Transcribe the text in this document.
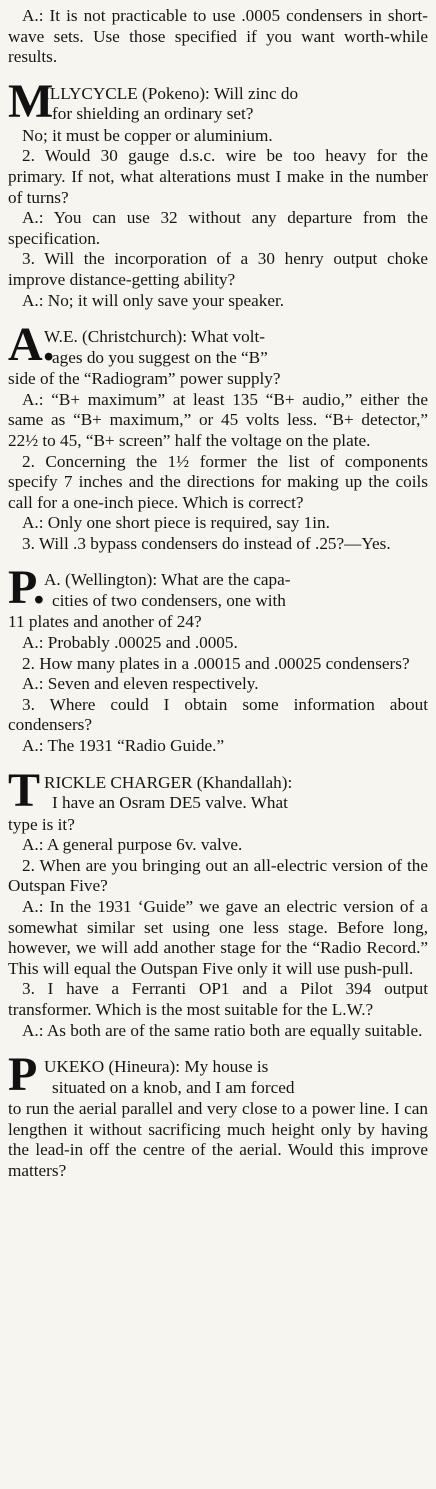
A.: It is not practicable to use .0005 condensers in short-wave sets. Use those specified if you want worth-while results.

M
ILLYCYCLE (Pokeno): Will zinc do
for shielding an ordinary set?

No; it must be copper or aluminium.

2. Would 30 gauge d.s.c. wire be too heavy for the primary. If not, what alterations must I make in the number of turns?

A.: You can use 32 without any departure from the specification.

3. Will the incorporation of a 30 henry output choke improve distance-getting ability?

A.: No; it will only save your speaker.

A.
W.E. (Christchurch): What volt-
ages do you suggest on the “B”

side of the “Radiogram” power supply?

A.: “B+ maximum” at least 135 “B+ audio,” either the same as “B+ maximum,” or 45 volts less. “B+ detector,” 22½ to 45, “B+ screen” half the voltage on the plate.

2. Concerning the 1½ former the list of components specify 7 inches and the directions for making up the coils call for a one-inch piece. Which is correct?

A.: Only one short piece is required, say 1in.

3. Will .3 bypass condensers do instead of .25?—Yes.

P. A. (Wellington): What are the capa-
cities of two condensers, one with

11 plates and another of 24?

A.: Probably .00025 and .0005.

2. How many plates in a .00015 and .00025 condensers?

A.: Seven and eleven respectively.

3. Where could I obtain some information about condensers?

A.: The 1931 “Radio Guide.”

T RICKLE CHARGER (Khandallah):
I have an Osram DE5 valve. What

type is it?

A.: A general purpose 6v. valve.

2. When are you bringing out an all-electric version of the Outspan Five?

A.: In the 1931 ‘Guide” we gave an electric version of a somewhat similar set using one less stage. Before long, however, we will add another stage for the “Radio Record.” This will equal the Outspan Five only it will use push-pull.

3. I have a Ferranti OP1 and a Pilot 394 output transformer. Which is the most suitable for the L.W.?

A.: As both are of the same ratio both are equally suitable.

P UKEKO (Hineura): My house is
situated on a knob, and I am forced

to run the aerial parallel and very close to a power line. I can lengthen it without sacrificing much height only by having the lead-in off the centre of the aerial. Would this improve matters?
